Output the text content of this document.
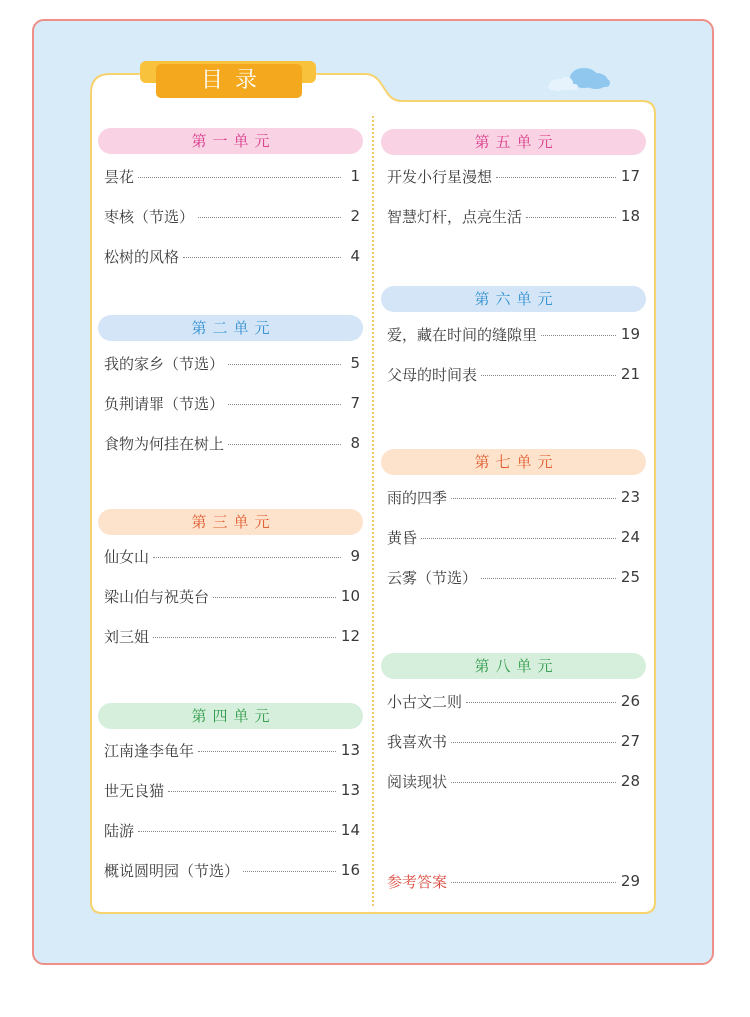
目录
第一单元
昙花	1
枣核（节选）	2
松树的风格	4
第二单元
我的家乡（节选）	5
负荆请罪（节选）	7
食物为何挂在树上	8
第三单元
仙女山	9
梁山伯与祝英台	10
刘三姐	12
第四单元
江南逢李龟年	13
世无良猫	13
陆游	14
概说圆明园（节选）	16
第五单元
开发小行星漫想	17
智慧灯杆，点亮生活	18
第六单元
爱，藏在时间的缝隙里	19
父母的时间表	21
第七单元
雨的四季	23
黄昏	24
云雾（节选）	25
第八单元
小古文二则	26
我喜欢书	27
阅读现状	28
参考答案	29
